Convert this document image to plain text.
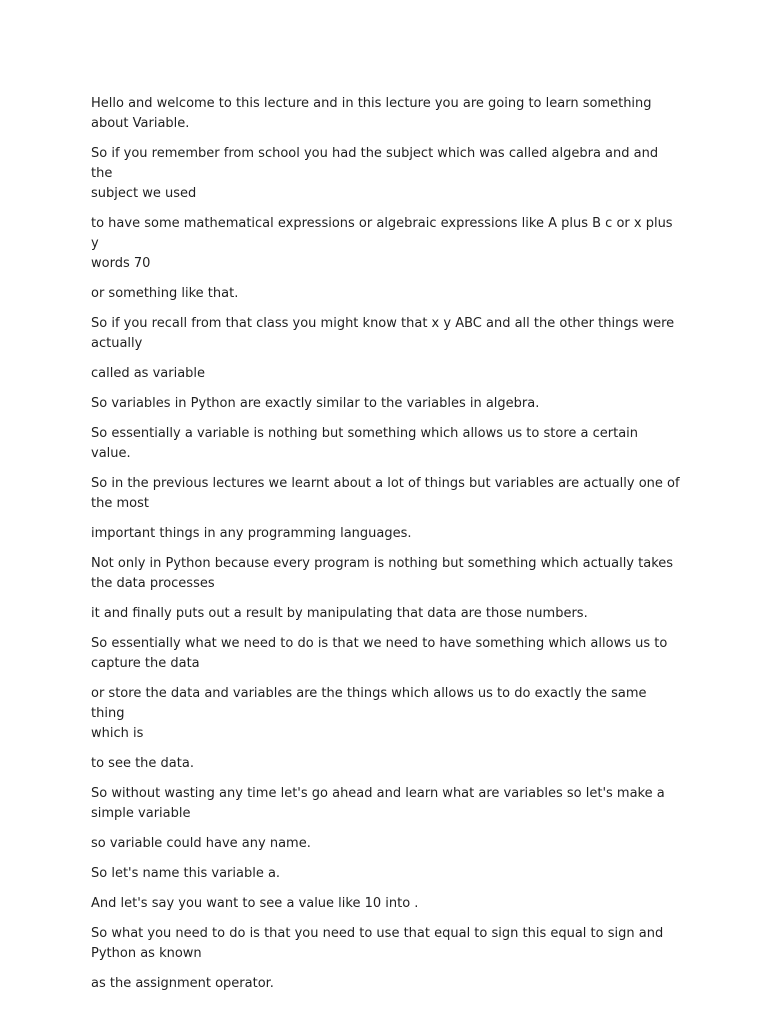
Hello and welcome to this lecture and in this lecture you are going to learn something
about Variable.

So if you remember from school you had the subject which was called algebra and and the
subject we used

to have some mathematical expressions or algebraic expressions like A plus B c or x plus y
words 70

or something like that.

So if you recall from that class you might know that x y ABC and all the other things were
actually

called as variable

So variables in Python are exactly similar to the variables in algebra.

So essentially a variable is nothing but something which allows us to store a certain value.

So in the previous lectures we learnt about a lot of things but variables are actually one of
the most

important things in any programming languages.

Not only in Python because every program is nothing but something which actually takes
the data processes

it and finally puts out a result by manipulating that data are those numbers.

So essentially what we need to do is that we need to have something which allows us to
capture the data

or store the data and variables are the things which allows us to do exactly the same thing
which is

to see the data.

So without wasting any time let's go ahead and learn what are variables so let's make a
simple variable

so variable could have any name.

So let's name this variable a.

And let's say you want to see a value like 10 into .

So what you need to do is that you need to use that equal to sign this equal to sign and
Python as known

as the assignment operator.
